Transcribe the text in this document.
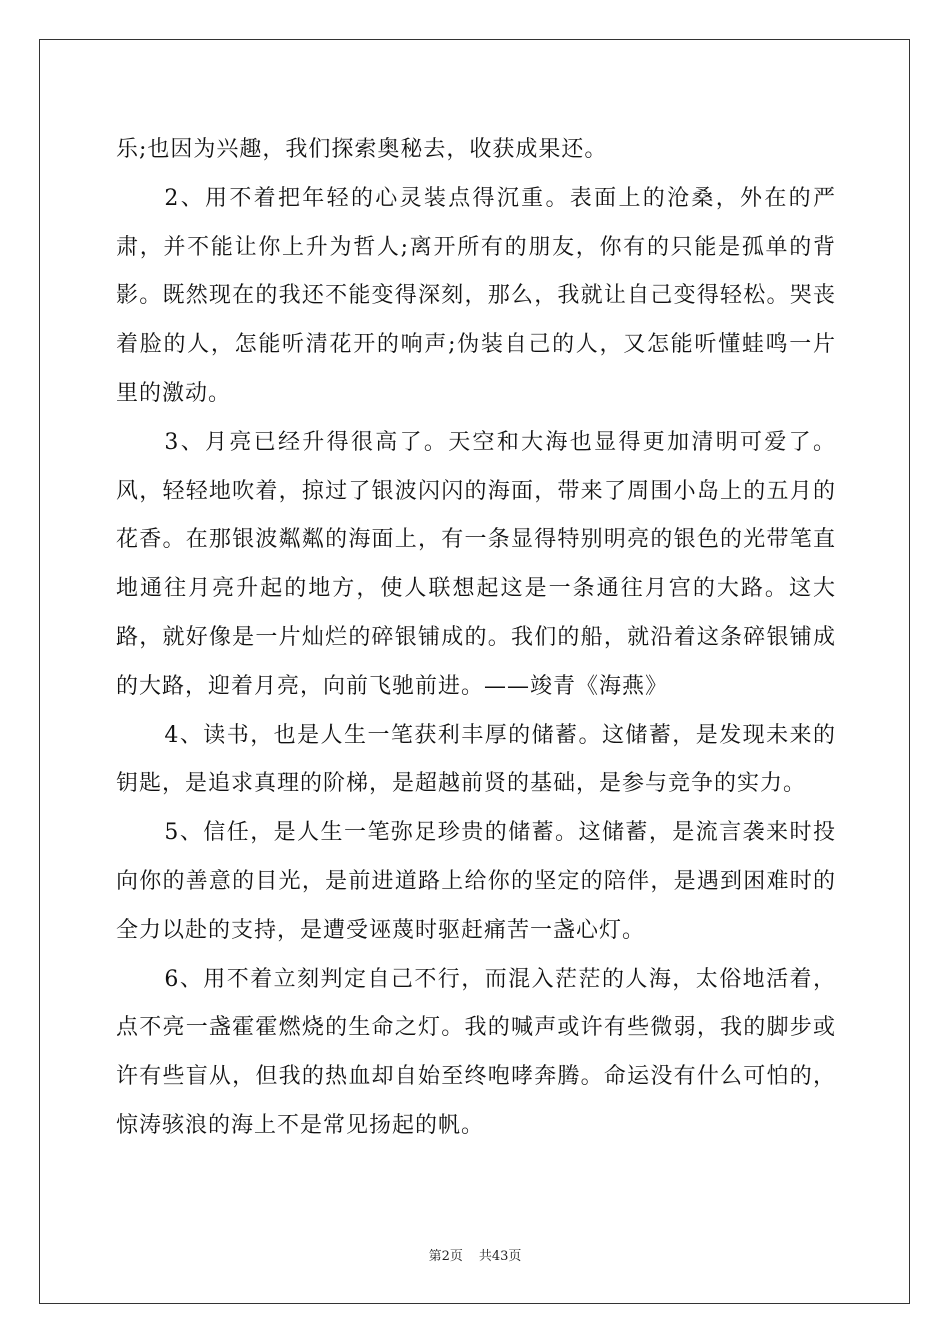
乐;也因为兴趣，我们探索奥秘去，收获成果还。

2、用不着把年轻的心灵装点得沉重。表面上的沧桑，外在的严肃，并不能让你上升为哲人;离开所有的朋友，你有的只能是孤单的背影。既然现在的我还不能变得深刻，那么，我就让自己变得轻松。哭丧着脸的人，怎能听清花开的响声;伪装自己的人，又怎能听懂蛙鸣一片里的激动。

3、月亮已经升得很高了。天空和大海也显得更加清明可爱了。风，轻轻地吹着，掠过了银波闪闪的海面，带来了周围小岛上的五月的花香。在那银波粼粼的海面上，有一条显得特别明亮的银色的光带笔直地通往月亮升起的地方，使人联想起这是一条通往月宫的大路。这大路，就好像是一片灿烂的碎银铺成的。我们的船，就沿着这条碎银铺成的大路，迎着月亮，向前飞驰前进。——竣青《海燕》

4、读书，也是人生一笔获利丰厚的储蓄。这储蓄，是发现未来的钥匙，是追求真理的阶梯，是超越前贤的基础，是参与竞争的实力。

5、信任，是人生一笔弥足珍贵的储蓄。这储蓄，是流言袭来时投向你的善意的目光，是前进道路上给你的坚定的陪伴，是遇到困难时的全力以赴的支持，是遭受诬蔑时驱赶痛苦一盏心灯。

6、用不着立刻判定自己不行，而混入茫茫的人海，太俗地活着，点不亮一盏霍霍燃烧的生命之灯。我的喊声或许有些微弱，我的脚步或许有些盲从，但我的热血却自始至终咆哮奔腾。命运没有什么可怕的，惊涛骇浪的海上不是常见扬起的帆。

第2页 共43页
